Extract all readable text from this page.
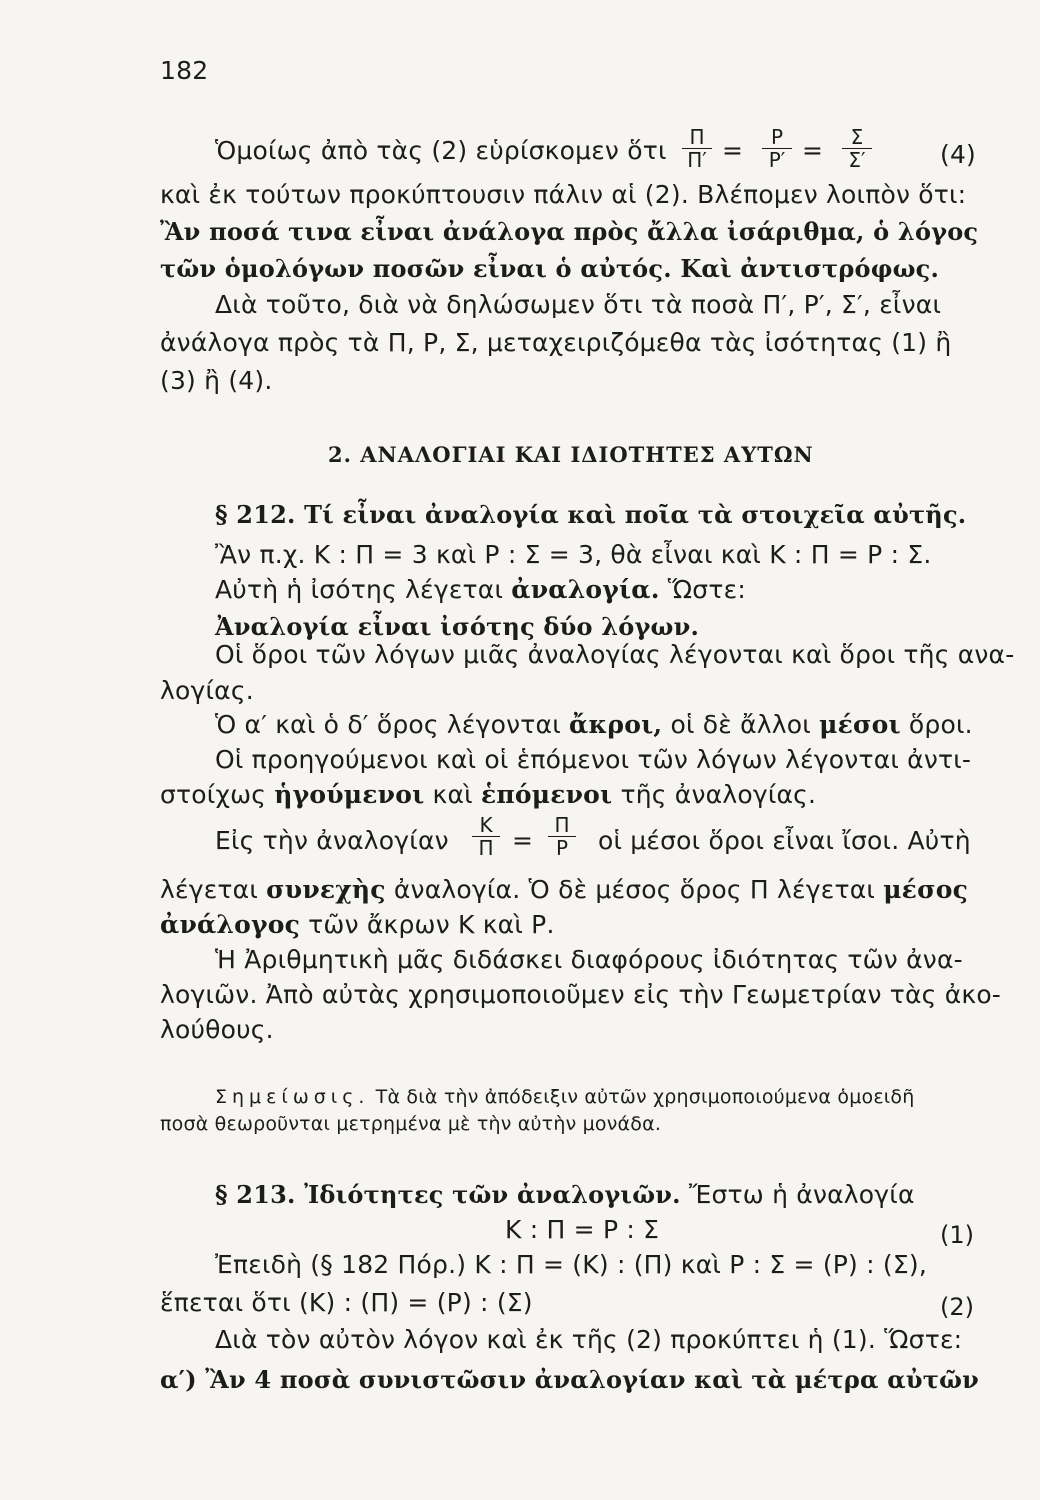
182
Ὁμοίως ἀπὸ τὰς (2) εὑρίσκομεν ὅτι $\frac{\Pi}{\Pi'} = \frac{P}{P'} = \frac{\Sigma}{\Sigma'}$	(4)
καὶ ἐκ τούτων προκύπτουσιν πάλιν αἱ (2). Βλέπομεν λοιπὸν ὅτι:
Ἂν ποσά τινα εἶναι ἀνάλογα πρὸς ἄλλα ἰσάριθμα, ὁ λόγος
τῶν ὁμολόγων ποσῶν εἶναι ὁ αὐτός. Καὶ ἀντιστρόφως.
Διὰ τοῦτο, διὰ νὰ δηλώσωμεν ὅτι τὰ ποσὰ Π′, Ρ′, Σ′, εἶναι
ἀνάλογα πρὸς τὰ Π, Ρ, Σ, μεταχειριζόμεθα τὰς ἰσότητας (1) ἢ
(3) ἢ (4).
2. ΑΝΑΛΟΓΙΑΙ ΚΑΙ ΙΔΙΟΤΗΤΕΣ ΑΥΤΩΝ
§ 212. Τί εἶναι ἀναλογία καὶ ποῖα τὰ στοιχεῖα αὐτῆς.
Ἂν π.χ. Κ : Π = 3 καὶ Ρ : Σ = 3, θὰ εἶναι καὶ Κ : Π = Ρ : Σ.
Αὐτὴ ἡ ἰσότης λέγεται ἀναλογία. Ὥστε:
Ἀναλογία εἶναι ἰσότης δύο λόγων.
Οἱ ὅροι τῶν λόγων μιᾶς ἀναλογίας λέγονται καὶ ὅροι τῆς ανα-
λογίας.
Ὁ α′ καὶ ὁ δ′ ὅρος λέγονται ἄκροι, οἱ δὲ ἄλλοι μέσοι ὅροι.
Οἱ προηγούμενοι καὶ οἱ ἑπόμενοι τῶν λόγων λέγονται ἀντι-
στοίχως ἡγούμενοι καὶ ἑπόμενοι τῆς ἀναλογίας.
Εἰς τὴν ἀναλογίαν $\frac{K}{\Pi} = \frac{\Pi}{P}$ οἱ μέσοι ὅροι εἶναι ἴσοι. Αὐτὴ
λέγεται συνεχὴς ἀναλογία. Ὁ δὲ μέσος ὅρος Π λέγεται μέσος
ἀνάλογος τῶν ἄκρων Κ καὶ Ρ.
Ἡ Ἀριθμητικὴ μᾶς διδάσκει διαφόρους ἰδιότητας τῶν ἀνα-
λογιῶν. Ἀπὸ αὐτὰς χρησιμοποιοῦμεν εἰς τὴν Γεωμετρίαν τὰς ἀκο-
λούθους.
Σημείωσις. Τὰ διὰ τὴν ἀπόδειξιν αὐτῶν χρησιμοποιούμενα ὁμοειδῆ
ποσὰ θεωροῦνται μετρημένα μὲ τὴν αὐτὴν μονάδα.
§ 213. Ἰδιότητες τῶν ἀναλογιῶν. Ἔστω ἡ ἀναλογία
Κ : Π = Ρ : Σ	(1)
Ἐπειδὴ (§ 182 Πόρ.) Κ : Π = (Κ) : (Π) καὶ Ρ : Σ = (Ρ) : (Σ),
ἕπεται ὅτι (Κ) : (Π) = (Ρ) : (Σ)	(2)
Διὰ τὸν αὐτὸν λόγον καὶ ἐκ τῆς (2) προκύπτει ἡ (1). Ὥστε:
α′) Ἂν 4 ποσὰ συνιστῶσιν ἀναλογίαν καὶ τὰ μέτρα αὐτῶν
